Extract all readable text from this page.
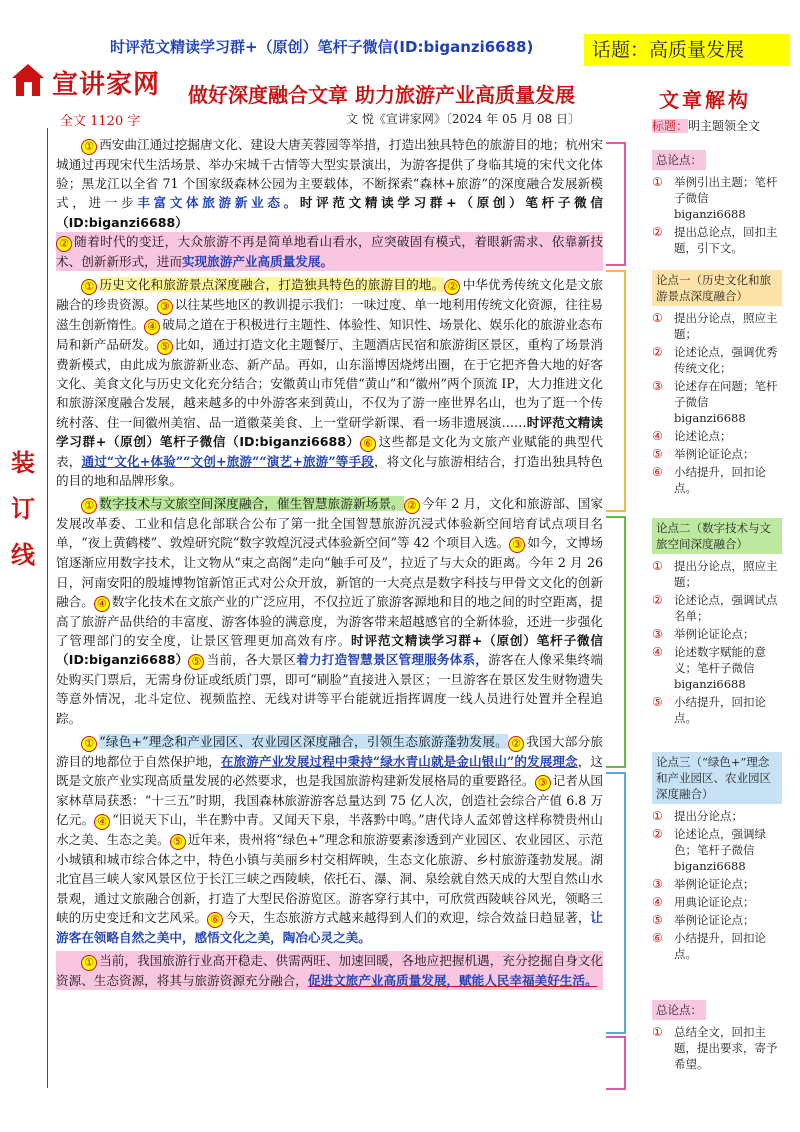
时评范文精读学习群+（原创）笔杆子微信(ID:biganzi6688)	话题：高质量发展
宣讲家网 做好深度融合文章 助力旅游产业高质量发展
全文 1120 字	文 悦《宣讲家网》〔2024 年 05 月 08 日〕
装 订 线

  ① 西安曲江通过挖掘唐文化、建设大唐芙蓉园等举措，打造出独具特色的旅游目的地；杭州宋城通过再现宋代生活场景、举办宋城千古情等大型实景演出，为游客提供了身临其境的宋代文化体验；黑龙江以全省 71 个国家级森林公园为主要载体，不断探索“森林+旅游”的深度融合发展新模式，进一步丰富文体旅游新业态。时评范文精读学习群+（原创）笔杆子微信（ID:biganzi6688）

② 随着时代的变迁，大众旅游不再是简单地看山看水，应突破固有模式，着眼新需求、依靠新技术、创新新形式，进而实现旅游产业高质量发展。

  ① 历史文化和旅游景点深度融合，打造独具特色的旅游目的地。 ② 中华优秀传统文化是文旅融合的珍贵资源。 ③ 以往某些地区的教训提示我们：一味过度、单一地利用传统文化资源，往往易滋生创新惰性。 ④ 破局之道在于积极进行主题性、体验性、知识性、场景化、娱乐化的旅游业态布局和新产品研发。 ⑤ 比如，通过打造文化主题餐厅、主题酒店民宿和旅游街区景区，重构了场景消费新模式，由此成为旅游新业态、新产品。再如，山东淄博因烧烤出圈，在于它把齐鲁大地的好客文化、美食文化与历史文化充分结合；安徽黄山市凭借“黄山”和“徽州”两个顶流 IP，大力推进文化和旅游深度融合发展，越来越多的中外游客来到黄山，不仅为了游一座世界名山，也为了逛一个传统村落、住一间徽州美宿、品一道徽菜美食、上一堂研学新课、看一场非遗展演……时评范文精读学习群+（原创）笔杆子微信（ID:biganzi6688） ⑥ 这些都是文化为文旅产业赋能的典型代表，通过“文化+体验”“文创+旅游”“演艺+旅游”等手段，将文化与旅游相结合，打造出独具特色的目的地和品牌形象。

  ① 数字技术与文旅空间深度融合，催生智慧旅游新场景。 ② 今年 2 月，文化和旅游部、国家发展改革委、工业和信息化部联合公布了第一批全国智慧旅游沉浸式体验新空间培育试点项目名单，“夜上黄鹤楼”、敦煌研究院“数字敦煌沉浸式体验新空间”等 42 个项目入选。 ③ 如今，文博场馆逐渐应用数字技术，让文物从“束之高阁”走向“触手可及”，拉近了与大众的距离。今年 2 月 26 日，河南安阳的殷墟博物馆新馆正式对公众开放，新馆的一大亮点是数字科技与甲骨文文化的创新融合。 ④ 数字化技术在文旅产业的广泛应用，不仅拉近了旅游客源地和目的地之间的时空距离，提高了旅游产品供给的丰富度、游客体验的满意度，为游客带来超越感官的全新体验，还进一步强化了管理部门的安全度，让景区管理更加高效有序。时评范文精读学习群+（原创）笔杆子微信（ID:biganzi6688） ⑤ 当前，各大景区着力打造智慧景区管理服务体系，游客在人像采集终端处购买门票后，无需身份证或纸质门票，即可“刷脸”直接进入景区；一旦游客在景区发生财物遗失等意外情况，北斗定位、视频监控、无线对讲等平台能就近指挥调度一线人员进行处置并全程追踪。

  ① “绿色+”理念和产业园区、农业园区深度融合，引领生态旅游蓬勃发展。 ② 我国大部分旅游目的地都位于自然保护地，在旅游产业发展过程中秉持“绿水青山就是金山银山”的发展理念，这既是文旅产业实现高质量发展的必然要求，也是我国旅游构建新发展格局的重要路径。 ③ 记者从国家林草局获悉：“十三五”时期，我国森林旅游游客总量达到 75 亿人次，创造社会综合产值 6.8 万亿元。 ④ “旧说天下山，半在黔中青。又闻天下泉，半落黔中鸣。”唐代诗人孟郊曾这样称赞贵州山水之美、生态之美。 ⑤ 近年来，贵州将“绿色+”理念和旅游要素渗透到产业园区、农业园区、示范小城镇和城市综合体之中，特色小镇与美丽乡村交相辉映，生态文化旅游、乡村旅游蓬勃发展。湖北宜昌三峡人家风景区位于长江三峡之西陵峡，依托石、瀑、洞、泉绘就自然天成的大型自然山水景观，通过文旅融合创新，打造了大型民俗游览区。游客穿行其中，可欣赏西陵峡谷风光，领略三峡的历史变迁和文艺风采。 ⑥ 今天，生态旅游方式越来越得到人们的欢迎，综合效益日趋显著，让游客在领略自然之美中，感悟文化之美，陶冶心灵之美。

  ① 当前，我国旅游行业高开稳走、供需两旺、加速回暖，各地应把握机遇，充分挖掘自身文化资源、生态资源，将其与旅游资源充分融合，促进文旅产业高质量发展，赋能人民幸福美好生活。

文章解构
标题：明主题领全文
总论点：
① 举例引出主题；笔杆子微信 biganzi6688
② 提出总论点，回扣主题，引下文。
论点一（历史文化和旅游景点深度融合）
① 提出分论点，照应主题；
② 论述论点，强调优秀传统文化；
③ 论述存在问题；笔杆子微信 biganzi6688
④ 论述论点；
⑤ 举例论证论点；
⑥ 小结提升，回扣论点。
论点二（数字技术与文旅空间深度融合）
① 提出分论点，照应主题；
② 论述论点，强调试点名单；
③ 举例论证论点；
④ 论述数字赋能的意义；笔杆子微信 biganzi6688
⑤ 小结提升，回扣论点。
论点三（“绿色+”理念和产业园区、农业园区深度融合）
① 提出分论点；
② 论述论点，强调绿色；笔杆子微信 biganzi6688
③ 举例论证论点；
④ 用典论证论点；
⑤ 举例论证论点；
⑥ 小结提升，回扣论点。
总论点：
① 总结全文，回扣主题，提出要求，寄予希望。
